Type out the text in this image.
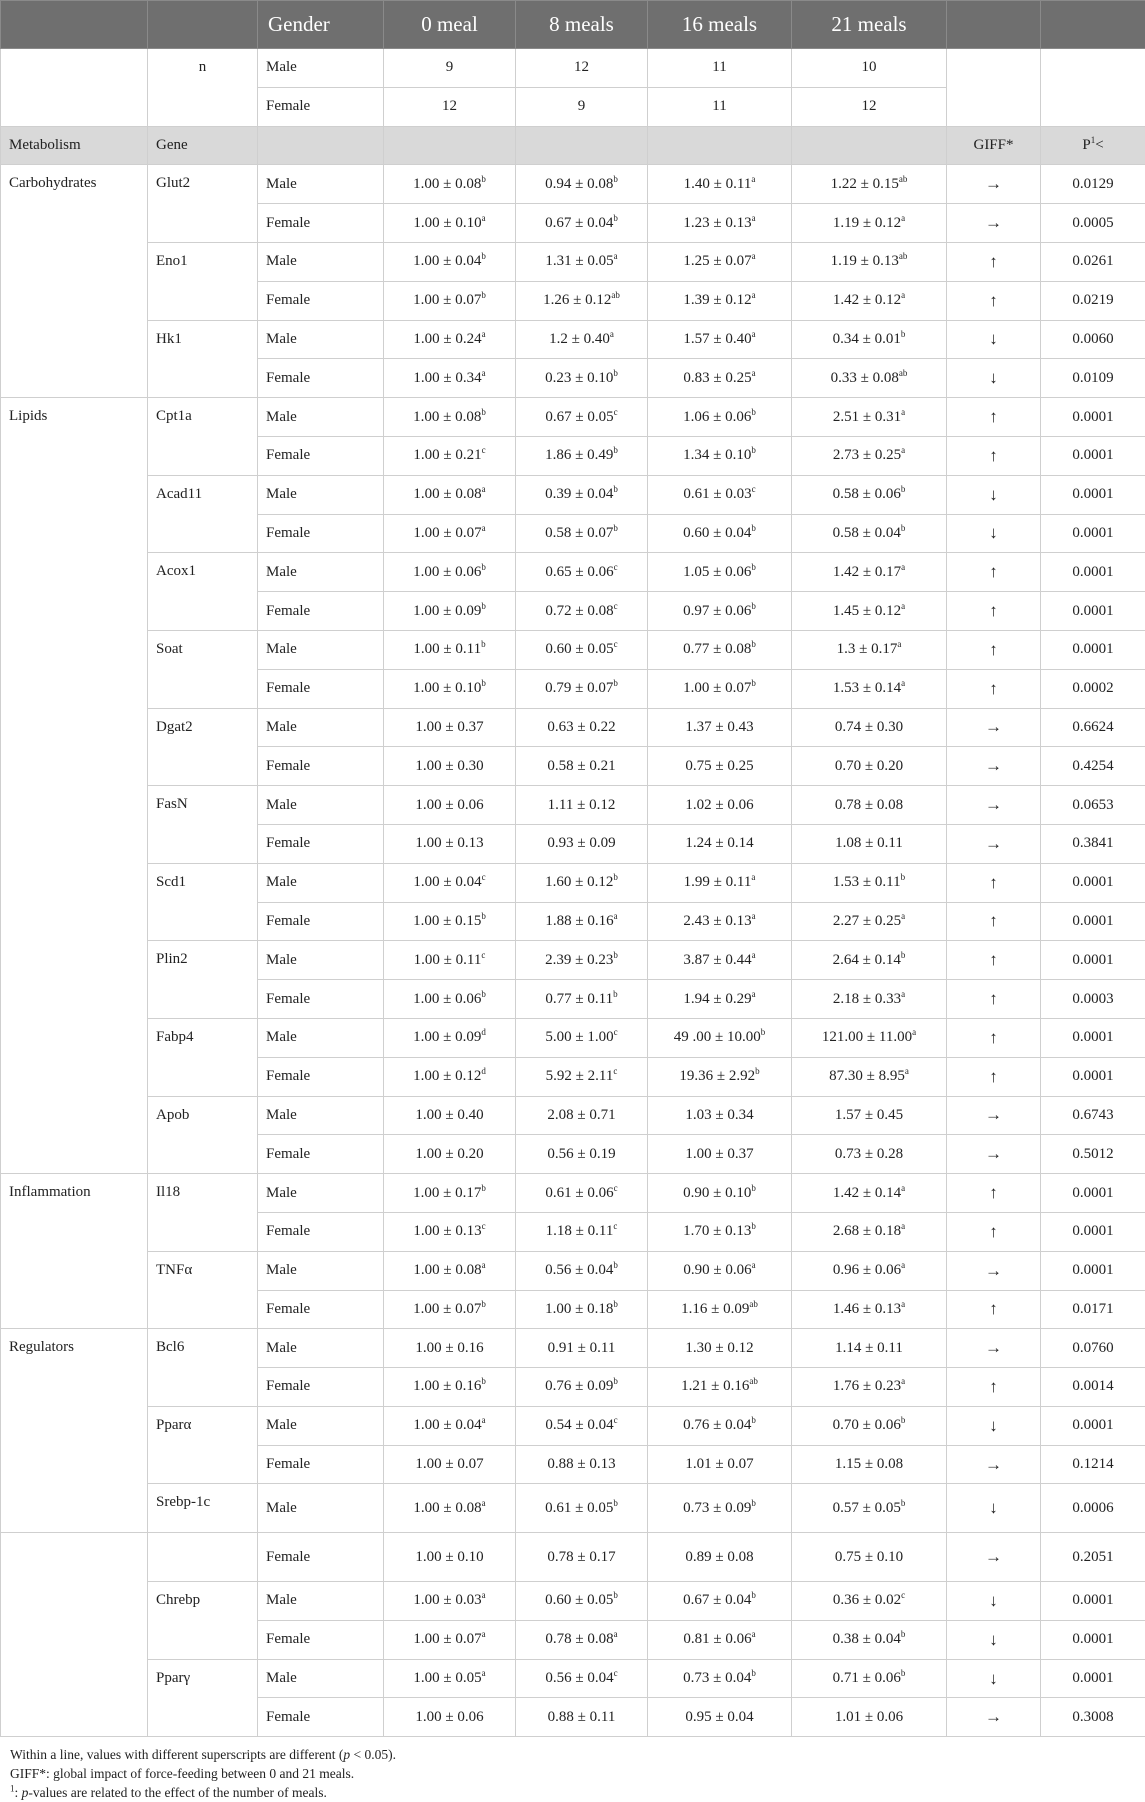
		Gender	0 meal	8 meals	16 meals	21 meals		
	n	Male	9	12	11	10		
		Female	12	9	11	12		
Metabolism	Gene						GIFF*	$P^1<$
Carbohydrates	Glut2	Male	1.00 ± 0.08$^b$	0.94 ± 0.08$^b$	1.40 ± 0.11$^a$	1.22 ± 0.15$^{ab}$	→	0.0129
		Female	1.00 ± 0.10$^a$	0.67 ± 0.04$^b$	1.23 ± 0.13$^a$	1.19 ± 0.12$^a$	→	0.0005
	Eno1	Male	1.00 ± 0.04$^b$	1.31 ± 0.05$^a$	1.25 ± 0.07$^a$	1.19 ± 0.13$^{ab}$	↑	0.0261
		Female	1.00 ± 0.07$^b$	1.26 ± 0.12$^{ab}$	1.39 ± 0.12$^a$	1.42 ± 0.12$^a$	↑	0.0219
	Hk1	Male	1.00 ± 0.24$^a$	1.2 ± 0.40$^a$	1.57 ± 0.40$^a$	0.34 ± 0.01$^b$	↓	0.0060
		Female	1.00 ± 0.34$^a$	0.23 ± 0.10$^b$	0.83 ± 0.25$^a$	0.33 ± 0.08$^{ab}$	↓	0.0109
Lipids	Cpt1a	Male	1.00 ± 0.08$^b$	0.67 ± 0.05$^c$	1.06 ± 0.06$^b$	2.51 ± 0.31$^a$	↑	0.0001
		Female	1.00 ± 0.21$^c$	1.86 ± 0.49$^b$	1.34 ± 0.10$^b$	2.73 ± 0.25$^a$	↑	0.0001
	Acad11	Male	1.00 ± 0.08$^a$	0.39 ± 0.04$^b$	0.61 ± 0.03$^c$	0.58 ± 0.06$^b$	↓	0.0001
		Female	1.00 ± 0.07$^a$	0.58 ± 0.07$^b$	0.60 ± 0.04$^b$	0.58 ± 0.04$^b$	↓	0.0001
	Acox1	Male	1.00 ± 0.06$^b$	0.65 ± 0.06$^c$	1.05 ± 0.06$^b$	1.42 ± 0.17$^a$	↑	0.0001
		Female	1.00 ± 0.09$^b$	0.72 ± 0.08$^c$	0.97 ± 0.06$^b$	1.45 ± 0.12$^a$	↑	0.0001
	Soat	Male	1.00 ± 0.11$^b$	0.60 ± 0.05$^c$	0.77 ± 0.08$^b$	1.3 ± 0.17$^a$	↑	0.0001
		Female	1.00 ± 0.10$^b$	0.79 ± 0.07$^b$	1.00 ± 0.07$^b$	1.53 ± 0.14$^a$	↑	0.0002
	Dgat2	Male	1.00 ± 0.37	0.63 ± 0.22	1.37 ± 0.43	0.74 ± 0.30	→	0.6624
		Female	1.00 ± 0.30	0.58 ± 0.21	0.75 ± 0.25	0.70 ± 0.20	→	0.4254
	FasN	Male	1.00 ± 0.06	1.11 ± 0.12	1.02 ± 0.06	0.78 ± 0.08	→	0.0653
		Female	1.00 ± 0.13	0.93 ± 0.09	1.24 ± 0.14	1.08 ± 0.11	→	0.3841
	Scd1	Male	1.00 ± 0.04$^c$	1.60 ± 0.12$^b$	1.99 ± 0.11$^a$	1.53 ± 0.11$^b$	↑	0.0001
		Female	1.00 ± 0.15$^b$	1.88 ± 0.16$^a$	2.43 ± 0.13$^a$	2.27 ± 0.25$^a$	↑	0.0001
	Plin2	Male	1.00 ± 0.11$^c$	2.39 ± 0.23$^b$	3.87 ± 0.44$^a$	2.64 ± 0.14$^b$	↑	0.0001
		Female	1.00 ± 0.06$^b$	0.77 ± 0.11$^b$	1.94 ± 0.29$^a$	2.18 ± 0.33$^a$	↑	0.0003
	Fabp4	Male	1.00 ± 0.09$^d$	5.00 ± 1.00$^c$	49 .00 ± 10.00$^b$	121.00 ± 11.00$^a$	↑	0.0001
		Female	1.00 ± 0.12$^d$	5.92 ± 2.11$^c$	19.36 ± 2.92$^b$	87.30 ± 8.95$^a$	↑	0.0001
	Apob	Male	1.00 ± 0.40	2.08 ± 0.71	1.03 ± 0.34	1.57 ± 0.45	→	0.6743
		Female	1.00 ± 0.20	0.56 ± 0.19	1.00 ± 0.37	0.73 ± 0.28	→	0.5012
Inflammation	Il18	Male	1.00 ± 0.17$^b$	0.61 ± 0.06$^c$	0.90 ± 0.10$^b$	1.42 ± 0.14$^a$	↑	0.0001
		Female	1.00 ± 0.13$^c$	1.18 ± 0.11$^c$	1.70 ± 0.13$^b$	2.68 ± 0.18$^a$	↑	0.0001
	TNFα	Male	1.00 ± 0.08$^a$	0.56 ± 0.04$^b$	0.90 ± 0.06$^a$	0.96 ± 0.06$^a$	→	0.0001
		Female	1.00 ± 0.07$^b$	1.00 ± 0.18$^b$	1.16 ± 0.09$^{ab}$	1.46 ± 0.13$^a$	↑	0.0171
Regulators	Bcl6	Male	1.00 ± 0.16	0.91 ± 0.11	1.30 ± 0.12	1.14 ± 0.11	→	0.0760
		Female	1.00 ± 0.16$^b$	0.76 ± 0.09$^b$	1.21 ± 0.16$^{ab}$	1.76 ± 0.23$^a$	↑	0.0014
	Pparα	Male	1.00 ± 0.04$^a$	0.54 ± 0.04$^c$	0.76 ± 0.04$^b$	0.70 ± 0.06$^b$	↓	0.0001
		Female	1.00 ± 0.07	0.88 ± 0.13	1.01 ± 0.07	1.15 ± 0.08	→	0.1214
	Srebp-1c	Male	1.00 ± 0.08$^a$	0.61 ± 0.05$^b$	0.73 ± 0.09$^b$	0.57 ± 0.05$^b$	↓	0.0006
		Female	1.00 ± 0.10	0.78 ± 0.17	0.89 ± 0.08	0.75 ± 0.10	→	0.2051
	Chrebp	Male	1.00 ± 0.03$^a$	0.60 ± 0.05$^b$	0.67 ± 0.04$^b$	0.36 ± 0.02$^c$	↓	0.0001
		Female	1.00 ± 0.07$^a$	0.78 ± 0.08$^a$	0.81 ± 0.06$^a$	0.38 ± 0.04$^b$	↓	0.0001
	Pparγ	Male	1.00 ± 0.05$^a$	0.56 ± 0.04$^c$	0.73 ± 0.04$^b$	0.71 ± 0.06$^b$	↓	0.0001
		Female	1.00 ± 0.06	0.88 ± 0.11	0.95 ± 0.04	1.01 ± 0.06	→	0.3008
Within a line, values with different superscripts are different (p < 0.05).
GIFF*: global impact of force-feeding between 0 and 21 meals.
$^1$: p-values are related to the effect of the number of meals.
